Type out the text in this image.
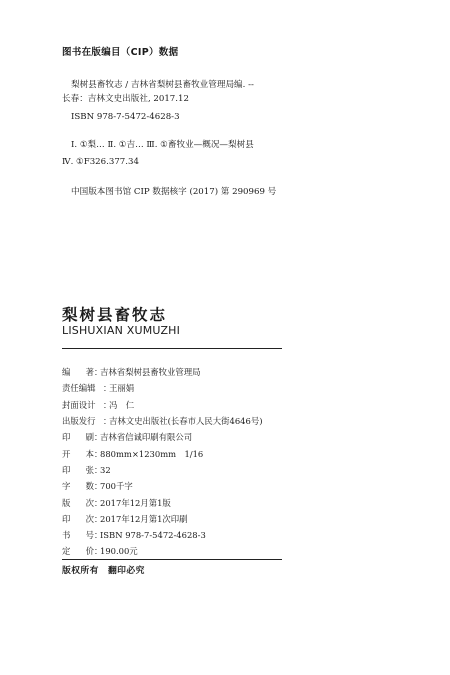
图书在版编目（CIP）数据
梨树县畜牧志 / 吉林省梨树县畜牧业管理局编. --
长春：吉林文史出版社, 2017.12
ISBN 978-7-5472-4628-3
Ⅰ. ①梨… Ⅱ. ①吉… Ⅲ. ①畜牧业—概况—梨树县
Ⅳ. ①F326.377.34
中国版本图书馆 CIP 数据核字 (2017) 第 290969 号
梨树县畜牧志
LISHUXIAN XUMUZHI
编 著 ：
吉林省梨树县畜牧业管理局
责任编辑 ：
王丽娟
封面设计 ：
冯　仁
出版发行 ：
吉林文史出版社(长春市人民大街4646号)
印 刷 ：
吉林省信诚印刷有限公司
开 本 ：
880mm×1230mm　1/16
印 张 ：
32
字 数 ：
700千字
版 次 ：
2017年12月第1版
印 次 ：
2017年12月第1次印刷
书 号 ：
ISBN 978-7-5472-4628-3
定 价 ：
190.00元
版权所有　翻印必究
